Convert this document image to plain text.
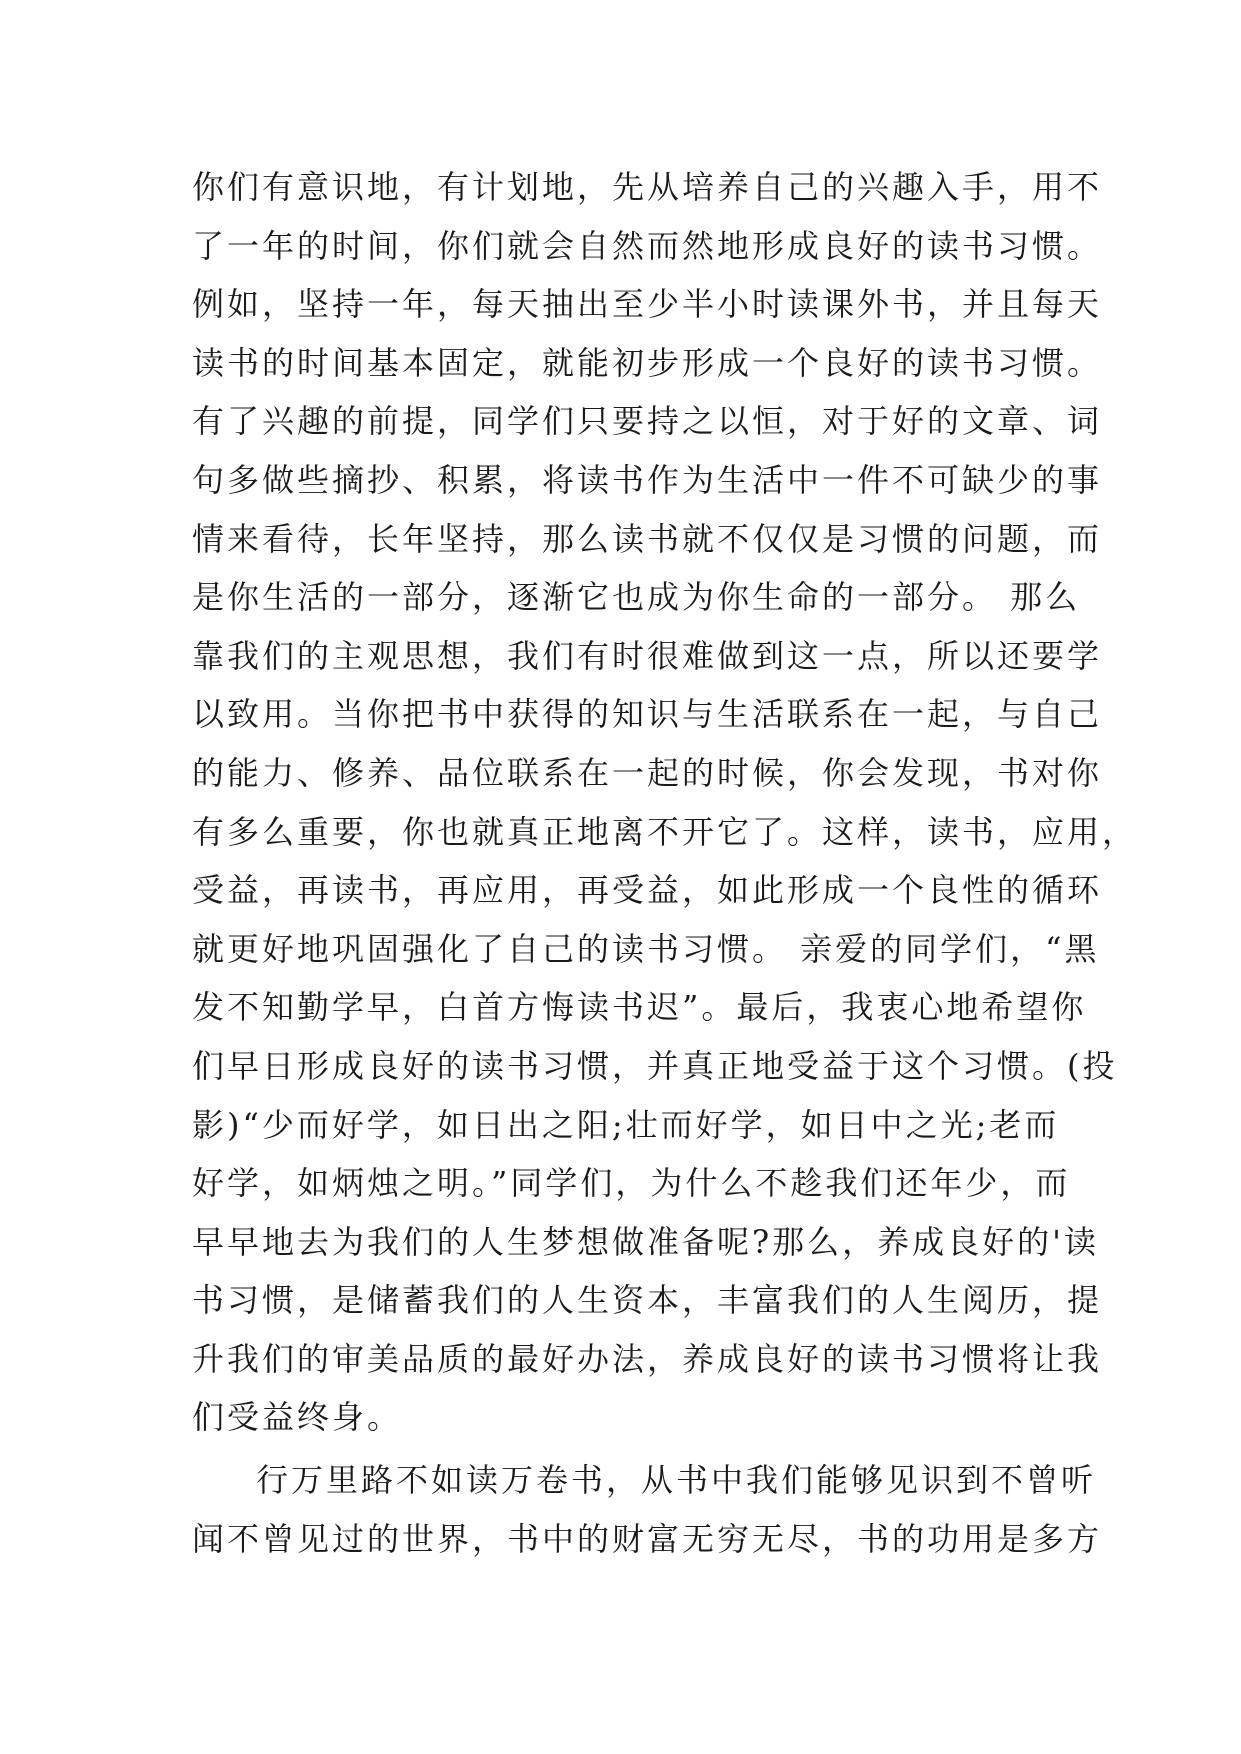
你们有意识地，有计划地，先从培养自己的兴趣入手，用不
了一年的时间，你们就会自然而然地形成良好的读书习惯。
例如，坚持一年，每天抽出至少半小时读课外书，并且每天
读书的时间基本固定，就能初步形成一个良好的读书习惯。
有了兴趣的前提，同学们只要持之以恒，对于好的文章、词
句多做些摘抄、积累，将读书作为生活中一件不可缺少的事
情来看待，长年坚持，那么读书就不仅仅是习惯的问题，而
是你生活的一部分，逐渐它也成为你生命的一部分。 那么
靠我们的主观思想，我们有时很难做到这一点，所以还要学
以致用。当你把书中获得的知识与生活联系在一起，与自己
的能力、修养、品位联系在一起的时候，你会发现，书对你
有多么重要，你也就真正地离不开它了。这样，读书，应用，
受益，再读书，再应用，再受益，如此形成一个良性的循环
就更好地巩固强化了自己的读书习惯。 亲爱的同学们，“黑
发不知勤学早，白首方悔读书迟”。最后，我衷心地希望你
们早日形成良好的读书习惯，并真正地受益于这个习惯。(投
影)“少而好学，如日出之阳;壮而好学，如日中之光;老而
好学，如炳烛之明。”同学们，为什么不趁我们还年少，而
早早地去为我们的人生梦想做准备呢?那么，养成良好的'读
书习惯，是储蓄我们的人生资本，丰富我们的人生阅历，提
升我们的审美品质的最好办法，养成良好的读书习惯将让我
们受益终身。
行万里路不如读万卷书，从书中我们能够见识到不曾听
闻不曾见过的世界，书中的财富无穷无尽，书的功用是多方
